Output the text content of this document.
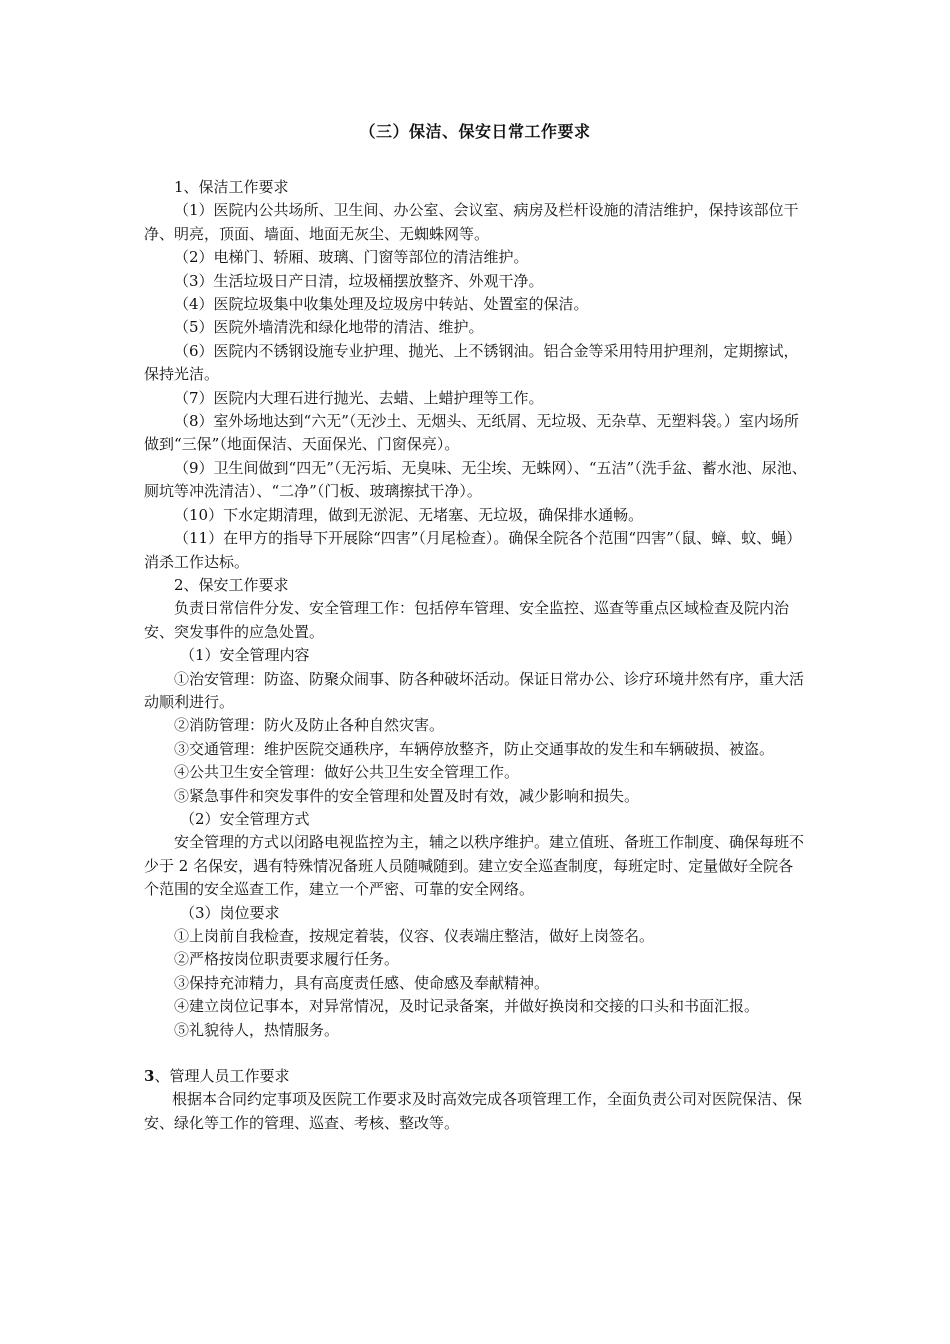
（三）保洁、保安日常工作要求

1、保洁工作要求

（1）医院内公共场所、卫生间、办公室、会议室、病房及栏杆设施的清洁维护，保持该部位干净、明亮，顶面、墙面、地面无灰尘、无蜘蛛网等。

（2）电梯门、轿厢、玻璃、门窗等部位的清洁维护。

（3）生活垃圾日产日清，垃圾桶摆放整齐、外观干净。

（4）医院垃圾集中收集处理及垃圾房中转站、处置室的保洁。

（5）医院外墙清洗和绿化地带的清洁、维护。

（6）医院内不锈钢设施专业护理、抛光、上不锈钢油。铝合金等采用特用护理剂，定期擦试，保持光洁。

（7）医院内大理石进行抛光、去蜡、上蜡护理等工作。

（8）室外场地达到“六无”（无沙土、无烟头、无纸屑、无垃圾、无杂草、无塑料袋。）室内场所做到“三保”（地面保洁、天面保光、门窗保亮）。

（9）卫生间做到“四无”（无污垢、无臭味、无尘埃、无蛛网）、“五洁”（洗手盆、蓄水池、尿池、厕坑等冲洗清洁）、“二净”（门板、玻璃擦拭干净）。

（10）下水定期清理，做到无淤泥、无堵塞、无垃圾，确保排水通畅。

（11）在甲方的指导下开展除“四害”（月尾检查）。确保全院各个范围“四害”（鼠、蟑、蚊、蝇）消杀工作达标。

2、保安工作要求

负责日常信件分发、安全管理工作：包括停车管理、安全监控、巡查等重点区域检查及院内治安、突发事件的应急处置。

（1）安全管理内容

①治安管理：防盗、防聚众闹事、防各种破坏活动。保证日常办公、诊疗环境井然有序，重大活动顺利进行。

②消防管理：防火及防止各种自然灾害。

③交通管理：维护医院交通秩序，车辆停放整齐，防止交通事故的发生和车辆破损、被盗。

④公共卫生安全管理：做好公共卫生安全管理工作。

⑤紧急事件和突发事件的安全管理和处置及时有效，减少影响和损失。

（2）安全管理方式

安全管理的方式以闭路电视监控为主，辅之以秩序维护。建立值班、备班工作制度、确保每班不少于 2 名保安，遇有特殊情况备班人员随喊随到。建立安全巡查制度，每班定时、定量做好全院各个范围的安全巡查工作，建立一个严密、可靠的安全网络。

（3）岗位要求

①上岗前自我检查，按规定着装，仪容、仪表端庄整洁，做好上岗签名。

②严格按岗位职责要求履行任务。

③保持充沛精力，具有高度责任感、使命感及奉献精神。

④建立岗位记事本，对异常情况，及时记录备案，并做好换岗和交接的口头和书面汇报。

⑤礼貌待人，热情服务。

3、管理人员工作要求

根据本合同约定事项及医院工作要求及时高效完成各项管理工作，全面负责公司对医院保洁、保安、绿化等工作的管理、巡查、考核、整改等。
